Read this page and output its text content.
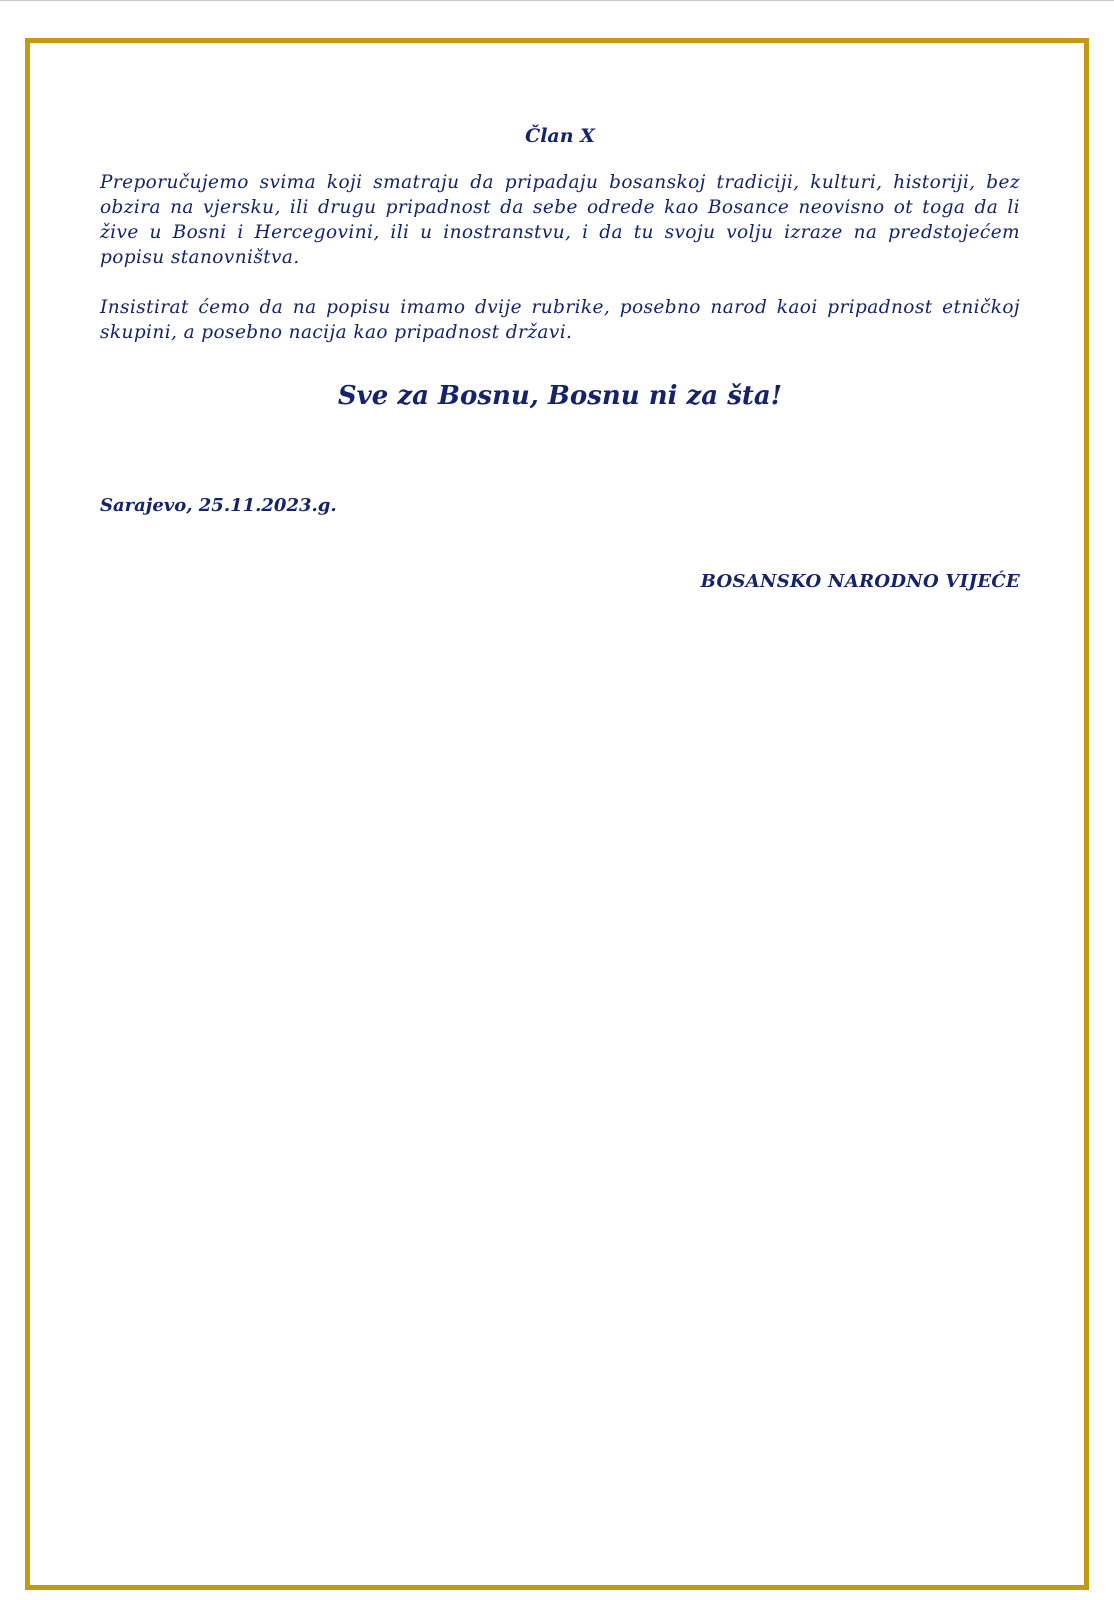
Član X

Preporučujemo svima koji smatraju da pripadaju bosanskoj tradiciji, kulturi, historiji, bez obzira na vjersku, ili drugu pripadnost da sebe odrede kao Bosance neovisno ot toga da li žive u Bosni i Hercegovini, ili u inostranstvu, i da tu svoju volju izraze na predstojećem popisu stanovništva.

Insistirat ćemo da na popisu imamo dvije rubrike, posebno narod kaoi pripadnost etničkoj skupini, a posebno nacija kao pripadnost državi.

Sve za Bosnu, Bosnu ni za šta!
Sarajevo, 25.11.2023.g.
BOSANSKO NARODNO VIJEĆE
